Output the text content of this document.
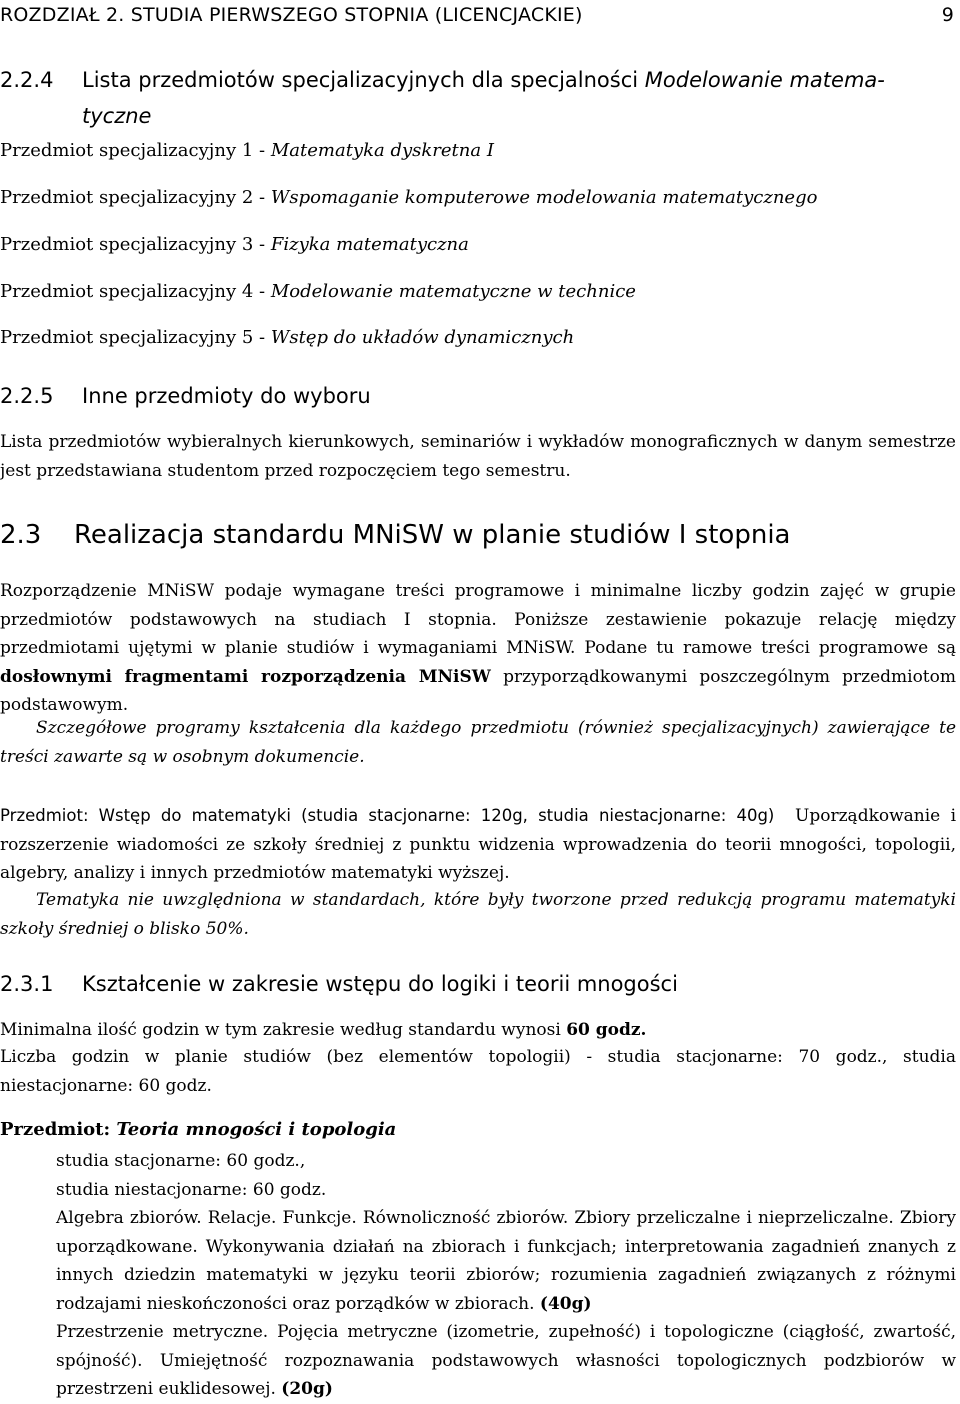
ROZDZIAŁ 2. STUDIA PIERWSZEGO STOPNIA (LICENCJACKIE)	9
2.2.4 Lista przedmiotów specjalizacyjnych dla specjalności Modelowanie matema-
tyczne
Przedmiot specjalizacyjny 1 - Matematyka dyskretna I
Przedmiot specjalizacyjny 2 - Wspomaganie komputerowe modelowania matematycznego
Przedmiot specjalizacyjny 3 - Fizyka matematyczna
Przedmiot specjalizacyjny 4 - Modelowanie matematyczne w technice
Przedmiot specjalizacyjny 5 - Wstęp do układów dynamicznych
2.2.5 Inne przedmioty do wyboru
Lista przedmiotów wybieralnych kierunkowych, seminariów i wykładów monograficznych w danym semestrze jest przedstawiana studentom przed rozpoczęciem tego semestru.
2.3 Realizacja standardu MNiSW w planie studiów I stopnia
Rozporządzenie MNiSW podaje wymagane treści programowe i minimalne liczby godzin zajęć w grupie przedmiotów podstawowych na studiach I stopnia. Poniższe zestawienie pokazuje relację między przedmiotami ujętymi w planie studiów i wymaganiami MNiSW. Podane tu ramowe treści programowe są dosłownymi fragmentami rozporządzenia MNiSW przyporządkowanymi poszczególnym przedmiotom podstawowym.
Szczegółowe programy kształcenia dla każdego przedmiotu (również specjalizacyjnych) zawierające te treści zawarte są w osobnym dokumencie.
Przedmiot: Wstęp do matematyki (studia stacjonarne: 120g, studia niestacjonarne: 40g) Uporządkowanie i rozszerzenie wiadomości ze szkoły średniej z punktu widzenia wprowadzenia do teorii mnogości, topologii, algebry, analizy i innych przedmiotów matematyki wyższej.
Tematyka nie uwzględniona w standardach, które były tworzone przed redukcją programu matematyki szkoły średniej o blisko 50%.
2.3.1 Kształcenie w zakresie wstępu do logiki i teorii mnogości
Minimalna ilość godzin w tym zakresie według standardu wynosi 60 godz.
Liczba godzin w planie studiów (bez elementów topologii) - studia stacjonarne: 70 godz., studia niestacjonarne: 60 godz.
Przedmiot: Teoria mnogości i topologia

studia stacjonarne: 60 godz.,

studia niestacjonarne: 60 godz.

Algebra zbiorów. Relacje. Funkcje. Równoliczność zbiorów. Zbiory przeliczalne i nieprzeliczalne. Zbiory uporządkowane. Wykonywania działań na zbiorach i funkcjach; interpretowania zagadnień znanych z innych dziedzin matematyki w języku teorii zbiorów; rozumienia zagadnień związanych z różnymi rodzajami nieskończoności oraz porządków w zbiorach. (40g)

Przestrzenie metryczne. Pojęcia metryczne (izometrie, zupełność) i topologiczne (ciągłość, zwartość, spójność). Umiejętność rozpoznawania podstawowych własności topologicznych podzbiorów w przestrzeni euklidesowej. (20g)
